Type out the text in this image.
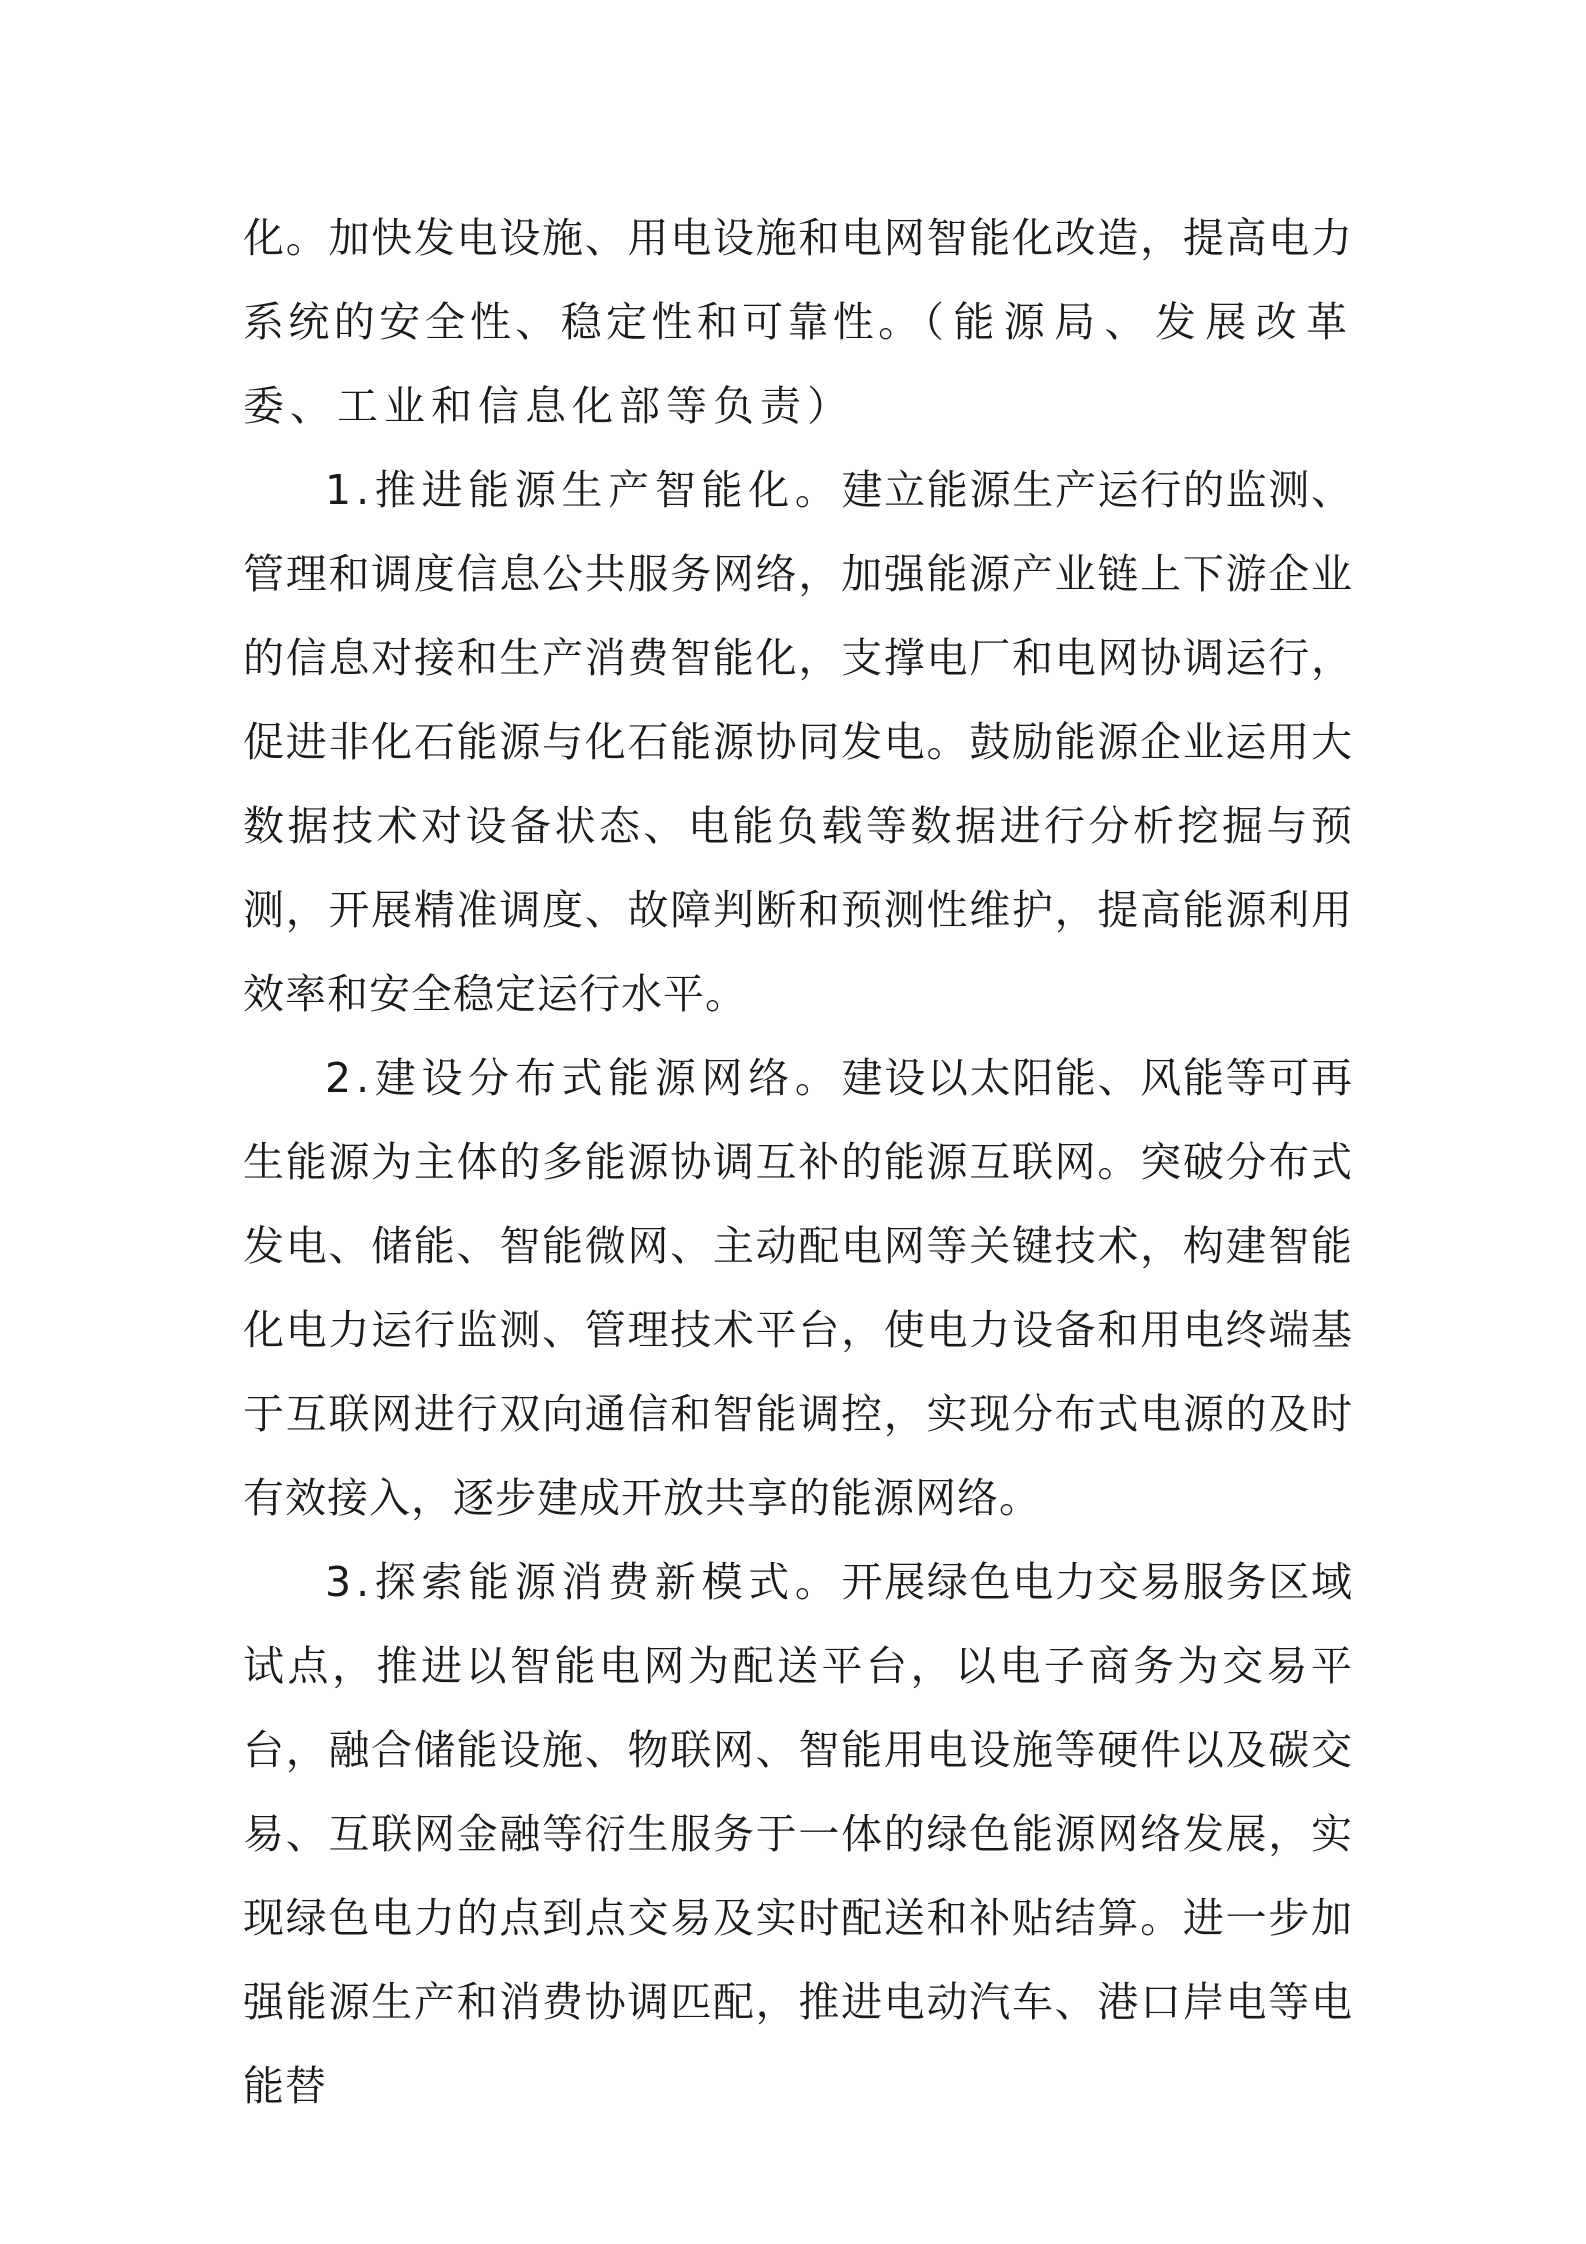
化。加快发电设施、用电设施和电网智能化改造，提高电力系统的安全性、稳定性和可靠性。（能源局、发展改革委、工业和信息化部等负责）

1.推进能源生产智能化。建立能源生产运行的监测、管理和调度信息公共服务网络，加强能源产业链上下游企业的信息对接和生产消费智能化，支撑电厂和电网协调运行，促进非化石能源与化石能源协同发电。鼓励能源企业运用大数据技术对设备状态、电能负载等数据进行分析挖掘与预测，开展精准调度、故障判断和预测性维护，提高能源利用效率和安全稳定运行水平。

2.建设分布式能源网络。建设以太阳能、风能等可再生能源为主体的多能源协调互补的能源互联网。突破分布式发电、储能、智能微网、主动配电网等关键技术，构建智能化电力运行监测、管理技术平台，使电力设备和用电终端基于互联网进行双向通信和智能调控，实现分布式电源的及时有效接入，逐步建成开放共享的能源网络。

3.探索能源消费新模式。开展绿色电力交易服务区域试点，推进以智能电网为配送平台，以电子商务为交易平台，融合储能设施、物联网、智能用电设施等硬件以及碳交易、互联网金融等衍生服务于一体的绿色能源网络发展，实现绿色电力的点到点交易及实时配送和补贴结算。进一步加强能源生产和消费协调匹配，推进电动汽车、港口岸电等电能替
